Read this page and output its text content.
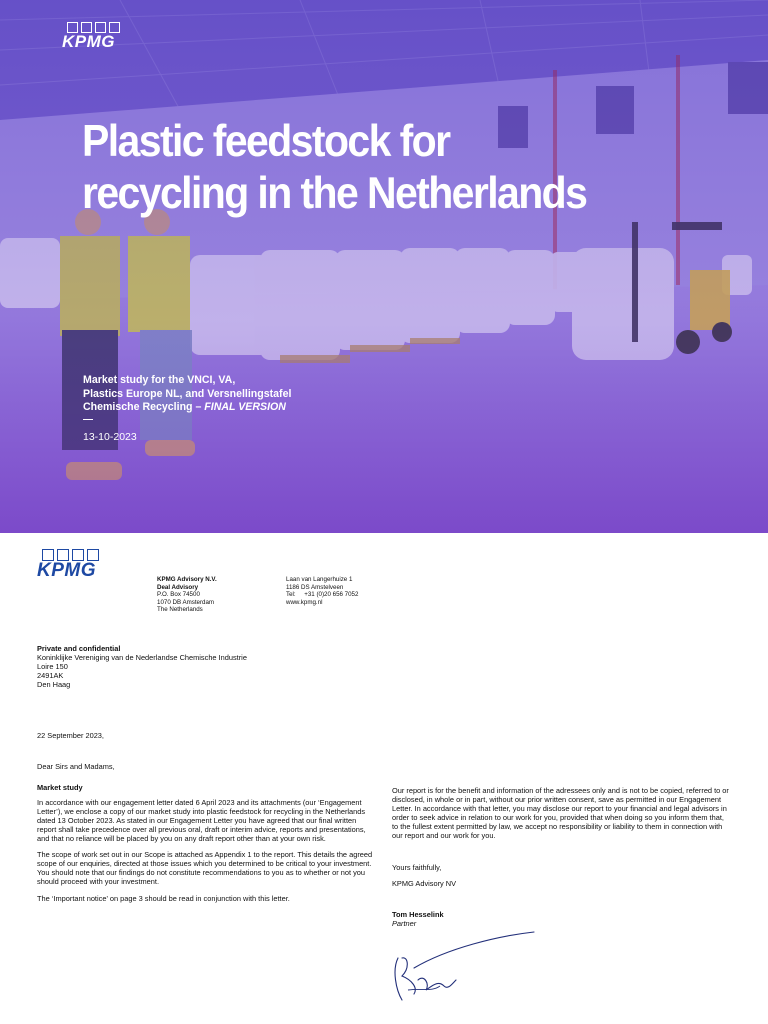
KPMG
Plastic feedstock for
recycling in the Netherlands
Market study for the VNCI, VA,
Plastics Europe NL, and Versnellingstafel
Chemische Recycling – FINAL VERSION
13-10-2023
KPMG	KPMG Advisory N.V.
Deal Advisory
P.O. Box 74500
1070 DB Amsterdam
The Netherlands
Laan van Langerhuize 1
1186 DS Amstelveen
Tel: +31 (0)20 656 7052
www.kpmg.nl
Private and confidential
Koninklijke Vereniging van de Nederlandse Chemische Industrie
Loire 150
2491AK
Den Haag
22 September 2023,
Dear Sirs and Madams,
Market study

In accordance with our engagement letter dated 6 April 2023 and its attachments (our ‘Engagement Letter’), we enclose a copy of our market study into plastic feedstock for recycling in the Netherlands dated 13 October 2023. As stated in our Engagement Letter you have agreed that our final written report shall take precedence over all previous oral, draft or interim advice, reports and presentations, and that no reliance will be placed by you on any draft report other than at your own risk.

The scope of work set out in our Scope is attached as Appendix 1 to the report. This details the agreed scope of our enquiries, directed at those issues which you determined to be critical to your investment. You should note that our findings do not constitute recommendations to you as to whether or not you should proceed with your investment.

The ‘Important notice’ on page 3 should be read in conjunction with this letter.

Our report is for the benefit and information of the adressees only and is not to be copied, referred to or disclosed, in whole or in part, without our prior written consent, save as permitted in our Engagement Letter. In accordance with that letter, you may disclose our report to your financial and legal advisors in order to seek advice in relation to our work for you, provided that when doing so you inform them that, to the fullest extent permitted by law, we accept no responsibility or liability to them in connection with our report and our work for you.

Yours faithfully,
KPMG Advisory NV
Tom Hesselink
Partner
